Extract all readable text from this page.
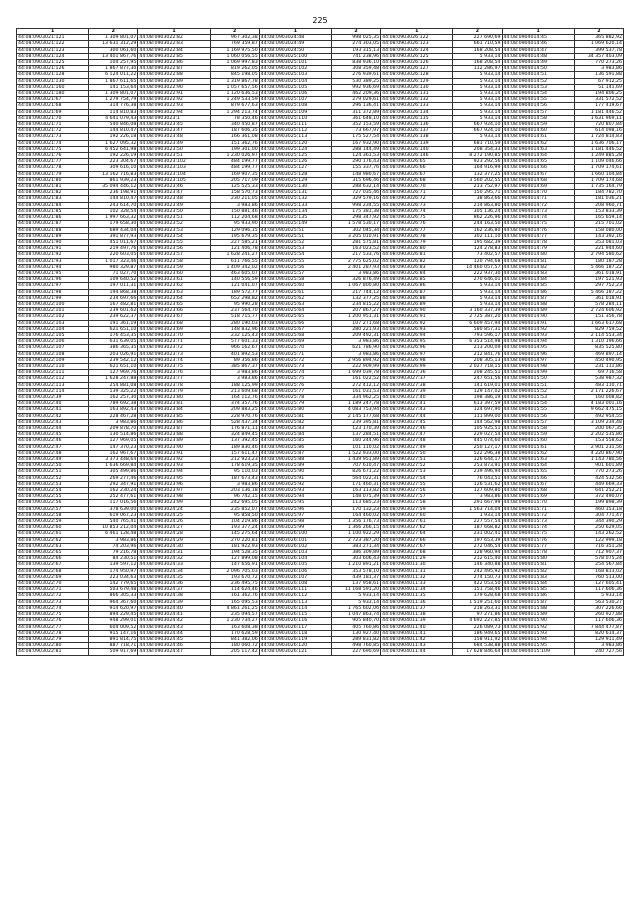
225
1	2	1	2	1	2	1	2	1	2
44:08:0903021:121	1 309 801,07	44:08:0903022:82	967 302,38	44:08:0903024:48	998 025,35	44:08:0903026:122	227 690,69	44:08:0904014:45	365 882,92
44:08:0903021:122	13 631 312,29	44:08:0903022:83	769 359,87	44:08:0903024:49	274 303,05	44:08:0903026:123	661 710,59	44:08:0904014:46	1 069 620,14
44:08:0903021:123	300 061,60	44:08:0903022:84	1 169 975,50	44:08:0903024:50	193 315,13	44:08:0903026:124	168 208,54	44:08:0904014:47	399 537,78
44:08:0903021:124	13 401 867,76	44:08:0903022:85	1 060 056,55	44:08:0903025:100	741 238,96	44:08:0903026:125	5 933,14	44:08:0904014:48	34 357 403,09
44:08:0903021:125	104 257,95	44:08:0903022:86	1 069 997,83	44:08:0903025:101	838 936,10	44:08:0903026:126	168 208,54	44:08:0904014:49	770 273,26
44:08:0903021:126	1 867 877,30	44:08:0903022:87	819 262,05	44:08:0903025:102	308 359,48	44:08:0903026:127	112 286,97	44:08:0904014:50	3 983,86
44:08:0903021:128	6 124 011,22	44:08:0903022:88	845 198,05	44:08:0903025:103	276 939,61	44:08:0903026:128	5 933,14	44:08:0904014:51	136 591,88
44:08:0903021:130	1 867 611,65	44:08:0903022:89	1 319 867,78	44:08:0903025:104	530 389,25	44:08:0903026:129	5 933,14	44:08:0904014:52	67 912,25
44:08:0903021:160	141 153,64	44:08:0903022:90	1 057 657,56	44:08:0903025:105	992 936,69	44:08:0903026:130	5 933,14	44:08:0904014:53	51 141,69
44:08:0903021:180	1 309 801,07	44:08:0903022:91	1 120 636,53	44:08:0903025:106	462 209,36	44:08:0903026:131	5 933,14	44:08:0904014:54	194 806,25
44:08:0903021:67	1 279 754,79	44:08:0903022:92	1 249 533,59	44:08:0903025:107	279 029,61	44:08:0903026:132	5 933,14	44:08:0904014:55	331 572,52
44:08:0903021:68	314 776,38	44:08:0903022:93	879 677,63	44:08:0903025:108	296 136,41	44:08:0903026:133	5 933,14	44:08:0904014:56	177 419,67
44:08:0903021:69	114 810,83	44:08:0903022:94	1 294 213,74	44:08:0903025:109	311 372,89	44:08:0903026:134	5 933,14	44:08:0904014:57	1 181 446,52
44:08:0903021:70	4 641 079,43	44:08:0903023:1	78 350,46	44:08:0903025:110	361 648,10	44:08:0903026:135	5 933,14	44:08:0904014:58	1 631 969,11
44:08:0903021:71	540 846,08	44:08:0903023:45	340 450,87	44:08:0903025:111	352 153,59	44:08:0903026:136	667 924,10	44:08:0904014:59	720 807,84
44:08:0903021:72	144 810,47	44:08:0903023:47	187 606,35	44:08:0903025:112	73 667,97	44:08:0903026:137	667 924,10	44:08:0904014:60	614 098,16
44:08:0903021:73	192 226,18	44:08:0903023:48	166 361,08	44:08:0903025:113	175 527,54	44:08:0903026:138	5 933,14	44:08:0904014:61	1 724 814,83
44:08:0903021:74	1 627 095,32	44:08:0903023:49	151 362,76	44:08:0903025:120	167 932,90	44:08:0903026:139	681 710,59	44:08:0904014:62	1 636 706,17
44:08:0903021:75	6 452 641,98	44:08:0903023:50	199 301,00	44:08:0903025:124	288 144,49	44:08:0903026:140	208 354,33	44:08:0904014:63	1 181 446,52
44:08:0903021:76	192 226,19	44:08:0903023:51	1 230 026,97	44:08:0903025:125	124 361,53	44:08:0903026:146	8 272 190,85	44:08:0904014:64	1 249 885,28
44:08:0903021:77	223 304,67	44:08:0903023:102	484 199,77	44:08:0903025:126	290 176,43	44:08:0903026:65	923 292,56	44:08:0904014:65	1 109 046,66
44:08:0903021:78	309 616,10	44:08:0903023:103	484 199,77	44:08:0903025:127	155 337,76	44:08:0903026:66	164 916,99	44:08:0904014:66	1 709 174,61
44:08:0903021:79	13 162 716,83	44:08:0903023:104	169 907,35	44:08:0903025:128	148 980,67	44:08:0903026:67	132 377,25	44:08:0904014:67	1 660 104,84
44:08:0903021:80	861 939,23	44:08:0903023:105	205 717,09	44:08:0903025:129	315 696,46	44:08:0903026:68	3 560 202,55	44:08:0904014:68	1 709 174,68
44:08:0903021:81	35 094 446,12	44:08:0903023:46	125 525,33	44:08:0903025:130	288 632,14	44:08:0903026:70	213 752,97	44:08:0904014:69	1 735 164,79
44:08:0903021:82	236 198,91	44:08:0903023:47	158 570,73	44:08:0903025:131	727 035,46	44:08:0903026:71	150 295,71	44:08:0904014:70	184 782,70
44:08:0903021:83	144 810,47	44:08:0903023:48	230 211,05	44:08:0903025:132	329 579,16	44:08:0903026:72	38 863,66	44:08:0904014:71	181 036,21
44:08:0903021:84	243 614,70	44:08:0903023:49	3 983,86	44:08:0903025:133	998 234,55	44:08:0903026:73	214 863,80	44:08:0904014:72	208 960,71
44:08:0903021:85	102 328,54	44:08:0903023:50	150 881,46	44:08:0903025:134	175 381,38	44:08:0903026:74	305 136,24	44:08:0904014:73	153 833,39
44:08:0903021:86	1 997 663,32	44:08:0903023:51	112 204,68	44:08:0903025:135	298 347,92	44:08:0903026:75	862 226,96	44:08:0904014:74	165 659,14
44:08:0903021:87	179 658,30	44:08:0903023:52	95 933,90	44:08:0903025:149	1 578 530,17	44:08:0903026:76	244 163,50	44:08:0904014:75	215 701,02
44:08:0903021:88	689 434,04	44:08:0903023:53	129 096,15	44:08:0903025:51	302 045,34	44:08:0903026:77	162 236,80	44:08:0904014:76	158 080,00
44:08:0903021:89	391 877,93	44:08:0903023:54	195 679,35	44:08:0903025:51	3 205 010,91	44:08:0903026:78	302 111,10	44:08:0904014:77	143 392,16
44:08:0903021:90	451 011,67	44:08:0903023:55	227 585,21	44:08:0903025:52	281 575,81	44:08:0903026:79	195 682,39	44:08:0904014:78	253 081,03
44:08:0903021:91	219 497,76	44:08:0903023:56	121 406,78	44:08:0903025:53	163 023,52	44:08:0903026:80	124 278,83	44:08:0904014:79	221 944,60
44:08:0903021:92	220 603,05	44:08:0903023:57	1 628 241,27	44:08:0903025:54	217 533,76	44:08:0903026:81	73 402,57	44:08:0904014:80	2 794 580,62
44:08:0903021:93	1 017 323,46	44:08:0903023:58	611 766,55	44:08:0903025:55	2 775 625,02	44:08:0903026:82	120 794,68	44:08:0904014:81	180 187,28
44:08:0903021:94	980 329,87	44:08:0903023:59	1 409 342,02	44:08:0903025:56	2 401 287,93	44:08:0903026:83	14 460 057,57	44:08:0904014:82	5 466 187,22
44:08:0903021:95	71 027,70	44:08:0903023:60	463 605,07	44:08:0903025:57	3 983,86	44:08:0903026:84	222 937,30	44:08:0904014:83	361 018,91
44:08:0903021:96	109 640,52	44:08:0903023:61	140 556,59	44:08:0903025:58	326 876,49	44:08:0903026:85	270 646,01	44:08:0904014:84	197 521,93
44:08:0903021:97	197 011,31	44:08:0903023:62	121 041,07	44:08:0903025:60	1 067 800,80	44:08:0903026:86	5 933,14	44:08:0904014:85	297 752,23
44:08:0903021:98	194 868,38	44:08:0903023:63	189 572,77	44:08:0903025:61	217 744,12	44:08:0903026:87	5 933,14	44:08:0904014:86	5 466 187,22
44:08:0903021:99	234 697,66	44:08:0903023:64	652 298,82	44:08:0903025:62	132 377,25	44:08:0903026:88	5 933,14	44:08:0904014:87	361 018,91
44:08:0903022:100	167 482,81	44:08:0903023:65	95 990,28	44:08:0903025:63	234 815,22	44:08:0903026:89	5 933,14	44:08:0904014:88	578 284,11
44:08:0903022:101	239 601,62	44:08:0903023:66	237 564,70	44:08:0903025:64	207 867,27	44:08:0903026:90	3 160 337,39	44:08:0904014:89	2 724 606,92
44:08:0903022:102	239 622,37	44:08:0903023:67	518 715,77	44:08:0903025:65	1 200 951,31	44:08:0903026:91	2 725 387,20	44:08:0904014:90	151 356,78
44:08:0903022:103	191 361,19	44:08:0903023:68	280 190,03	44:08:0903025:66	107 271,68	44:08:0903026:92	6 609 457,94	44:08:0904014:91	1 663 617,68
44:08:0903022:104	621 651,10	44:08:0903023:69	148 832,96	44:08:0903025:67	280 221,93	44:08:0903026:93	580 857,31	44:08:0904014:92	829 759,52
44:08:0903022:105	176 453,35	44:08:0903023:70	232 125,43	44:08:0903025:68	209 492,31	44:08:0903026:94	793 596,17	44:08:0904014:93	2 114 553,34
44:08:0903022:106	631 639,05	44:08:0903023:71	577 601,33	44:08:0903025:69	3 983,86	44:08:0903026:95	6 353 514,98	44:08:0904014:94	1 310 196,66
44:08:0903022:107	386 365,35	44:08:0903023:72	966 162,67	44:08:0903025:70	621 786,90	44:08:0903026:96	213 200,09	44:08:0904014:95	835 525,80
44:08:0903022:108	203 026,91	44:08:0903023:73	401 892,53	44:08:0903025:71	3 983,86	44:08:0903026:97	212 841,76	44:08:0904014:96	469 897,14
44:08:0903022:109	239 542,12	44:08:0903023:74	89 356,86	44:08:0903025:72	2 956 894,92	44:08:0903026:98	208 305,13	44:08:0904014:97	450 490,95
44:08:0903022:110	621 651,10	44:08:0903023:75	385 867,37	44:08:0903025:73	222 909,99	44:08:0903026:99	2 027 718,15	44:08:0904014:98	231 111,86
44:08:0903022:111	127 969,76	44:08:0903023:76	3 983,86	44:08:0903025:74	1 699 039,78	44:08:0903027:36	208 245,51	44:08:0904014:99	69 716,58
44:08:0903022:112	1 628 247,88	44:08:0903023:77	3 983,86	44:08:0903025:75	161 022,52	44:08:0903027:37	247 651,56	44:08:0904015:50	538 987,32
44:08:0903022:113	254 881,08	44:08:0903023:78	188 125,99	44:08:0903025:76	272 412,12	44:08:0903027:38	141 619,01	44:08:0904015:51	483 110,71
44:08:0903022:114	139 325,22	44:08:0903023:79	213 609,68	44:08:0903025:77	161 031,53	44:08:0903027:39	129 147,02	44:08:0904015:52	2 171 226,67
44:08:0903022:39	162 257,30	44:08:0903023:80	164 112,76	44:08:0903025:78	334 962,25	44:08:0903027:40	198 386,19	44:08:0904015:53	160 008,82
44:08:0903022:40	789 692,38	44:08:0903023:81	374 357,76	44:08:0903025:79	1 189 247,78	44:08:0903027:41	613 397,59	44:08:0904015:54	4 183 001,16
44:08:0903022:41	163 892,43	44:08:0903023:84	209 883,25	44:08:0903025:80	4 083 753,94	44:08:0903027:43	124 697,90	44:08:0904015:55	9 662 475,15
44:08:0903022:42	228 467,28	44:08:0903023:85	228 970,76	44:08:0903025:81	2 145 177,68	44:08:0903027:44	111 899,00	44:08:0904015:56	492 954,55
44:08:0903022:43	3 983,86	44:08:0903023:86	528 437,34	44:08:0903025:82	239 395,81	44:08:0903027:45	144 562,98	44:08:0904015:57	3 109 234,48
44:08:0903022:44	209 878,70	44:08:0903023:87	176 871,11	44:08:0903025:83	123 170,39	44:08:0903027:46	105 925,51	44:08:0904015:58	200 067,35
44:08:0903022:45	130 514,86	44:08:0903023:88	324 849,45	44:08:0903025:84	137 284,51	44:08:0903027:47	229 027,54	44:08:0904015:59	2 202 535,86
44:08:0903022:46	127 969,05	44:08:0903023:89	137 392,45	44:08:0903025:85	160 244,96	44:08:0903027:48	445 074,60	44:08:0904015:60	153 558,62
44:08:0903022:47	147 370,23	44:08:0903023:90	189 830,46	44:08:0903025:86	101 110,02	44:08:0903027:49	250 127,17	44:08:0904015:61	2 901 231,56
44:08:0903022:48	162 967,67	44:08:0903023:91	157 611,47	44:08:0903025:87	1 522 933,00	44:08:0903027:50	522 296,38	44:08:0904015:62	4 220 867,90
44:08:0903022:49	3 373 448,64	44:08:0903023:92	212 923,23	44:08:0903025:88	1 439 951,89	44:08:0903027:51	126 644,17	44:08:0904015:63	1 143 780,56
44:08:0903022:50	1 636 669,84	44:08:0903023:93	178 619,35	44:08:0903025:89	707 610,47	44:08:0903027:52	253 873,91	44:08:0904015:64	901 601,89
44:08:0903022:51	305 499,86	44:08:0903023:94	95 110,03	44:08:0903025:90	826 671,22	44:08:0903027:53	239 496,94	44:08:0904015:65	770 273,26
44:08:0903022:52	269 277,46	44:08:0903023:95	187 673,43	44:08:0903025:91	564 022,31	44:08:0903027:54	76 043,51	44:08:0904015:66	424 532,56
44:08:0903022:53	292 347,91	44:08:0903023:96	3 983,86	44:08:0903025:92	171 460,31	44:08:0903027:55	126 531,62	44:08:0904015:67	449 669,33
44:08:0903022:54	162 230,24	44:08:0903023:97	203 136,18	44:08:0903025:93	163 113,82	44:08:0903027:56	127 609,80	44:08:0904015:68	641 252,21
44:08:0903022:55	252 477,61	44:08:0903023:98	96 742,15	44:08:0903025:94	148 075,39	44:08:0903027:57	3 983,86	44:08:0904015:69	372 490,07
44:08:0903022:56	117 016,56	44:08:0903023:99	242 695,05	44:08:0903025:95	113 685,23	44:08:0903027:58	291 667,99	44:08:0904015:70	199 898,39
44:08:0903022:57	378 639,00	44:08:0903024:24	235 852,07	44:08:0903025:96	170 132,23	44:08:0903027:59	1 563 714,04	44:08:0904015:71	460 153,18
44:08:0903022:58	619 067,23	44:08:0903024:25	95 858,50	44:08:0903025:97	164 460,02	44:08:0903027:60	1 933,14	44:08:0904015:72	304 771,47
44:08:0903022:59	540 765,41	44:08:0903024:26	104 219,86	44:08:0903025:98	1 356 176,73	44:08:0903027:61	227 557,54	44:08:0904015:73	344 390,29
44:08:0903022:60	10 853 212,04	44:08:0903024:27	193 377,24	44:08:0903025:99	1 366 266,15	44:08:0903027:62	187 668,82	44:08:0904015:74	250 629,05
44:08:0903022:61	6 461 128,48	44:08:0903024:28	145 275,64	44:08:0903026:100	1 100 922,29	44:08:0903027:64	231 002,41	44:08:0904015:75	143 262,52
44:08:0903022:62	3 983,86	44:08:0903024:29	270 220,81	44:08:0903026:101	2 723 387,20	44:08:0903027:66	197 653,39	44:08:0904015:76	122 999,18
44:08:0903022:63	74 203,96	44:08:0903024:30	181 922,93	44:08:0903026:102	383 271,34	44:08:0903027:67	272 046,54	44:08:0904015:77	716 351,28
44:08:0903022:65	79 216,78	44:08:0903024:31	194 528,35	44:08:0903026:103	386 309,89	44:08:0903027:68	128 960,94	44:08:0904015:78	712 907,37
44:08:0903022:66	84 230,51	44:08:0903024:32	127 899,08	44:08:0903026:104	303 606,43	44:08:0904011:29	212 615,40	44:08:0904015:80	578 075,24
44:08:0903022:67	139 597,12	44:08:0903024:33	147 656,91	44:08:0903026:105	1 210 891,21	44:08:0904011:30	146 340,88	44:08:0904015:81	254 567,84
44:08:0903022:68	174 950,97	44:08:0903024:34	2 096 705,03	44:08:0903026:106	353 578,10	44:08:0904011:31	242 495,92	44:08:0904015:82	168 813,02
44:08:0903022:69	223 034,63	44:08:0903024:35	193 670,72	44:08:0903026:107	439 181,37	44:08:0904011:32	274 150,73	44:08:0904015:83	760 513,00
44:08:0903022:70	142 779,65	44:08:0903024:36	236 495,75	44:08:0903026:108	137 958,61	44:08:0904011:33	422 053,50	44:08:0904015:84	127 605,41
44:08:0903022:71	503 679,48	44:08:0903024:37	114 624,46	44:08:0903026:111	11 168 591,20	44:08:0904011:34	151 758,46	44:08:0904015:85	117 606,36
44:08:0903022:72	866 305,33	44:08:0903024:38	161 362,76	44:08:0903026:112	5 933,14	44:08:0904011:35	179 628,68	44:08:0904015:86	5 933,14
44:08:0903022:73	964 367,60	44:08:0903024:39	165 095,53	44:08:0903026:113	5 933,14	44:08:0904011:36	1 519 251,60	44:08:0904015:87	563 530,27
44:08:0903022:74	914 620,97	44:08:0903024:40	4 861 261,25	44:08:0903026:114	1 765 602,06	44:08:0904011:37	218 263,31	44:08:0904015:88	307 226,66
44:08:0903022:75	894 229,45	44:08:0903024:41	235 094,57	44:08:0903026:115	1 047 863,74	44:08:0904011:38	97 271,86	44:08:0904015:89	260 927,88
44:08:0903022:76	948 299,01	44:08:0903024:42	1 230 734,27	44:08:0903026:116	905 840,70	44:08:0904011:39	4 692 227,85	44:08:0904015:90	117 606,36
44:08:0903022:77	604 009,52	44:08:0903024:43	163 608,38	44:08:0903026:117	405 760,86	44:08:0904011:40	226 089,73	44:08:0904015:92	7 844 477,87
44:08:0903022:78	915 147,16	44:08:0903024:44	170 628,59	44:08:0903026:118	130 927,40	44:08:0904011:41	186 949,65	44:08:0904015:93	820 614,37
44:08:0903022:79	891 814,75	44:08:0903024:45	841 382,06	44:08:0903026:119	289 831,82	44:08:0904011:42	158 911,92	44:08:0904015:94	129 911,49
44:08:0903022:80	887 718,71	44:08:0903024:46	180 060,72	44:08:0903026:120	498 760,85	44:08:0904011:43	684 538,88	44:08:0904015:95	3 983,86
44:08:0903022:81	509 917,69	44:08:0903024:47	205 117,42	44:08:0903026:121	227 690,69	44:08:0904011:44	17 628 846,64	44:08:0904015:109	240 727,56
